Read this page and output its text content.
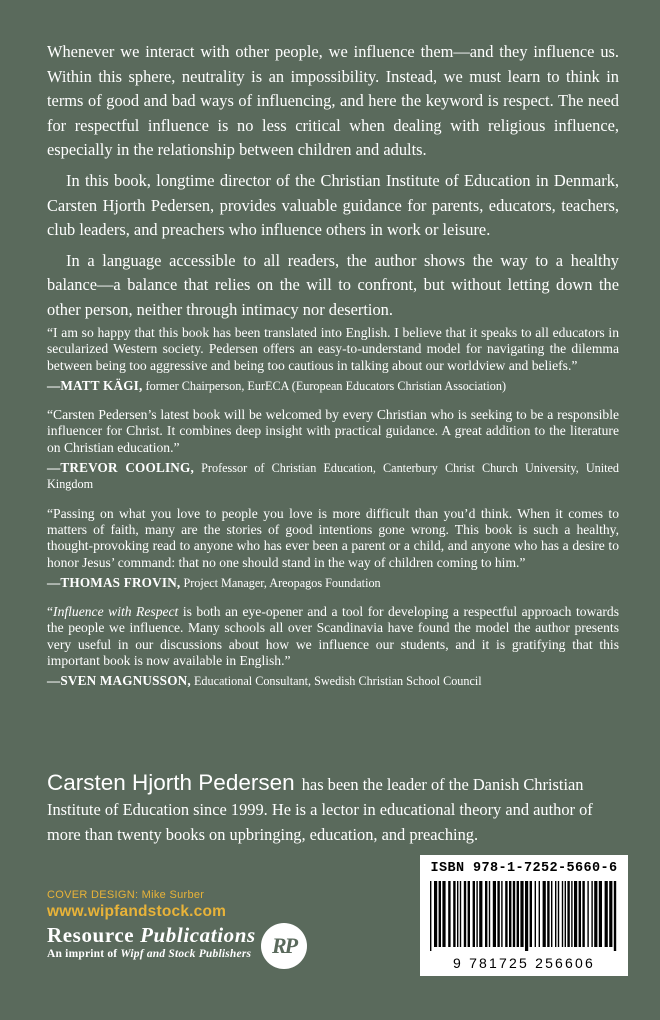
Whenever we interact with other people, we influence them—and they influence us. Within this sphere, neutrality is an impossibility. Instead, we must learn to think in terms of good and bad ways of influencing, and here the keyword is respect. The need for respectful influence is no less critical when dealing with religious influence, especially in the relationship between children and adults.

In this book, longtime director of the Christian Institute of Education in Denmark, Carsten Hjorth Pedersen, provides valuable guidance for parents, educators, teachers, club leaders, and preachers who influence others in work or leisure.

In a language accessible to all readers, the author shows the way to a healthy balance—a balance that relies on the will to confront, but without letting down the other person, neither through intimacy nor desertion.

“I am so happy that this book has been translated into English. I believe that it speaks to all educators in secularized Western society. Pedersen offers an easy-to-understand model for navigating the dilemma between being too aggressive and being too cautious in talking about our worldview and beliefs.”

—MATT KÄGI, former Chairperson, EurECA (European Educators Christian Association)

“Carsten Pedersen’s latest book will be welcomed by every Christian who is seeking to be a responsible influencer for Christ. It combines deep insight with practical guidance. A great addition to the literature on Christian education.”

—TREVOR COOLING, Professor of Christian Education, Canterbury Christ Church University, United Kingdom

“Passing on what you love to people you love is more difficult than you’d think. When it comes to matters of faith, many are the stories of good intentions gone wrong. This book is such a healthy, thought-provoking read to anyone who has ever been a parent or a child, and anyone who has a desire to honor Jesus’ command: that no one should stand in the way of children coming to him.”

—THOMAS FROVIN, Project Manager, Areopagos Foundation

“Influence with Respect is both an eye-opener and a tool for developing a respectful approach towards the people we influence. Many schools all over Scandinavia have found the model the author presents very useful in our discussions about how we influence our students, and it is gratifying that this important book is now available in English.”

—SVEN MAGNUSSON, Educational Consultant, Swedish Christian School Council
Carsten Hjorth Pedersen has been the leader of the Danish Christian Institute of Education since 1999. He is a lector in educational theory and author of more than twenty books on upbringing, education, and preaching.
ISBN 978-1-7252-5660-6
9 781725 256606
COVER DESIGN: Mike Surber
www.wipfandstock.com
Resource Publications
An imprint of Wipf and Stock Publishers RP
